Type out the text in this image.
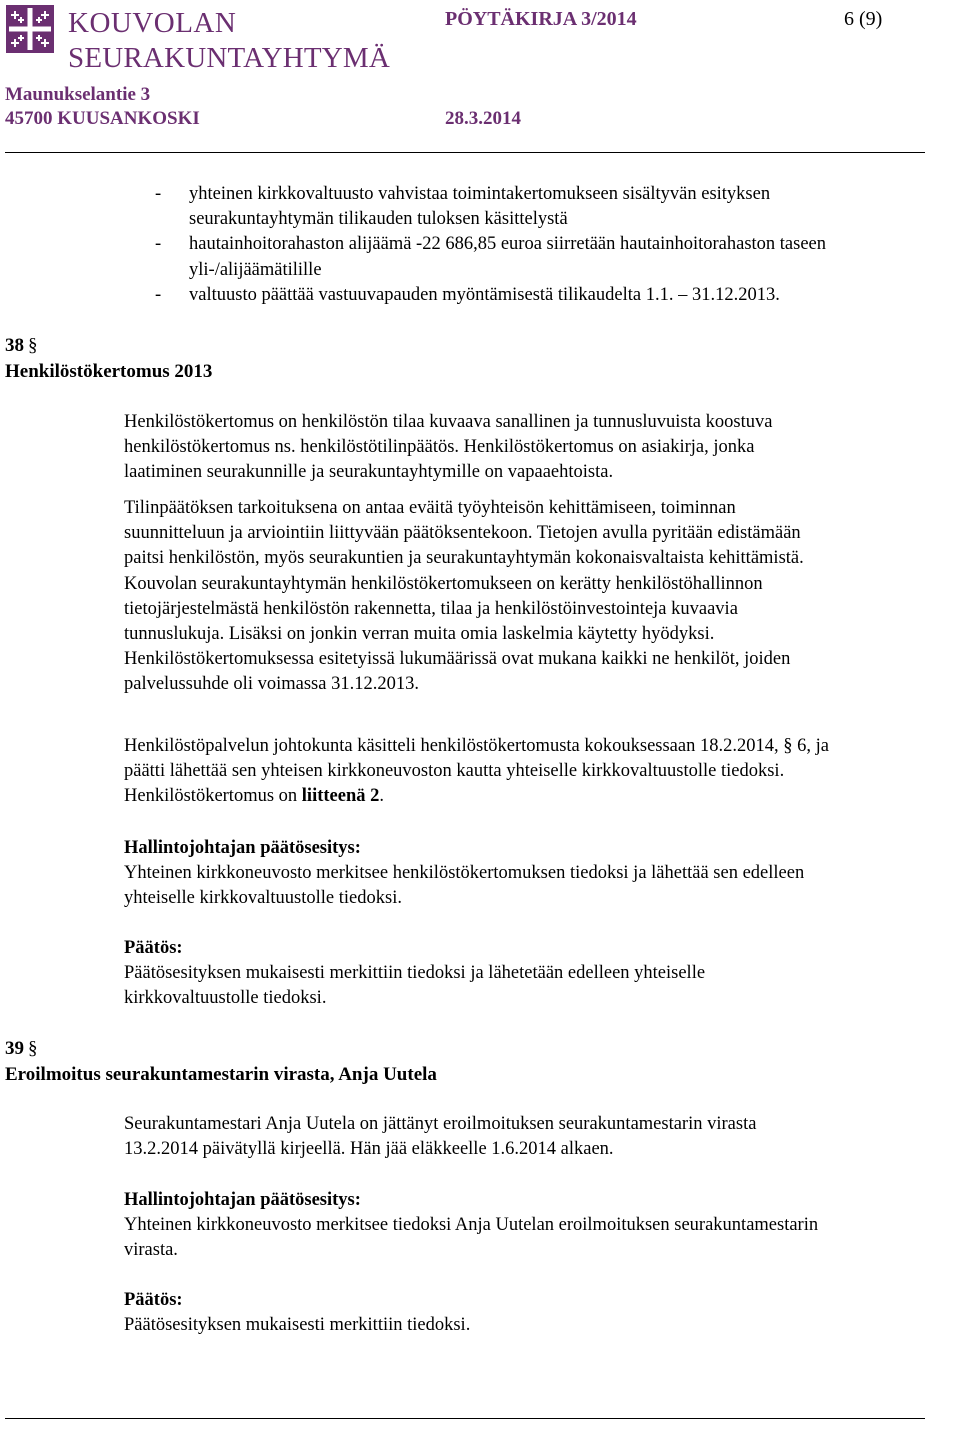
KOUVOLAN
SEURAKUNTAYHTYMÄ
PÖYTÄKIRJA 3/2014	6 (9)
Maunukselantie 3
45700 KUUSANKOSKI	28.3.2014
-	yhteinen kirkkovaltuusto vahvistaa toimintakertomukseen sisältyvän esityksen
seurakuntayhtymän tilikauden tuloksen käsittelystä
-	hautainhoitorahaston alijäämä -22 686,85 euroa siirretään hautainhoitorahaston taseen
yli-/alijäämätilille
-	valtuusto päättää vastuuvapauden myöntämisestä tilikaudelta 1.1. – 31.12.2013.
38 §
Henkilöstökertomus 2013
Henkilöstökertomus on henkilöstön tilaa kuvaava sanallinen ja tunnusluvuista koostuva
henkilöstökertomus ns. henkilöstötilinpäätös. Henkilöstökertomus on asiakirja, jonka
laatiminen seurakunnille ja seurakuntayhtymille on vapaaehtoista.
Tilinpäätöksen tarkoituksena on antaa eväitä työyhteisön kehittämiseen, toiminnan
suunnitteluun ja arviointiin liittyvään päätöksentekoon. Tietojen avulla pyritään edistämään
paitsi henkilöstön, myös seurakuntien ja seurakuntayhtymän kokonaisvaltaista kehittämistä.
Kouvolan seurakuntayhtymän henkilöstökertomukseen on kerätty henkilöstöhallinnon
tietojärjestelmästä henkilöstön rakennetta, tilaa ja henkilöstöinvestointeja kuvaavia
tunnuslukuja. Lisäksi on jonkin verran muita omia laskelmia käytetty hyödyksi.
Henkilöstökertomuksessa esitetyissä lukumäärissä ovat mukana kaikki ne henkilöt, joiden
palvelussuhde oli voimassa 31.12.2013.
Henkilöstöpalvelun johtokunta käsitteli henkilöstökertomusta kokouksessaan 18.2.2014, § 6, ja
päätti lähettää sen yhteisen kirkkoneuvoston kautta yhteiselle kirkkovaltuustolle tiedoksi.
Henkilöstökertomus on liitteenä 2.
Hallintojohtajan päätösesitys:
Yhteinen kirkkoneuvosto merkitsee henkilöstökertomuksen tiedoksi ja lähettää sen edelleen
yhteiselle kirkkovaltuustolle tiedoksi.
Päätös:
Päätösesityksen mukaisesti merkittiin tiedoksi ja lähetetään edelleen yhteiselle
kirkkovaltuustolle tiedoksi.
39 §
Eroilmoitus seurakuntamestarin virasta, Anja Uutela
Seurakuntamestari Anja Uutela on jättänyt eroilmoituksen seurakuntamestarin virasta
13.2.2014 päivätyllä kirjeellä. Hän jää eläkkeelle 1.6.2014 alkaen.
Hallintojohtajan päätösesitys:
Yhteinen kirkkoneuvosto merkitsee tiedoksi Anja Uutelan eroilmoituksen seurakuntamestarin
virasta.
Päätös:
Päätösesityksen mukaisesti merkittiin tiedoksi.
